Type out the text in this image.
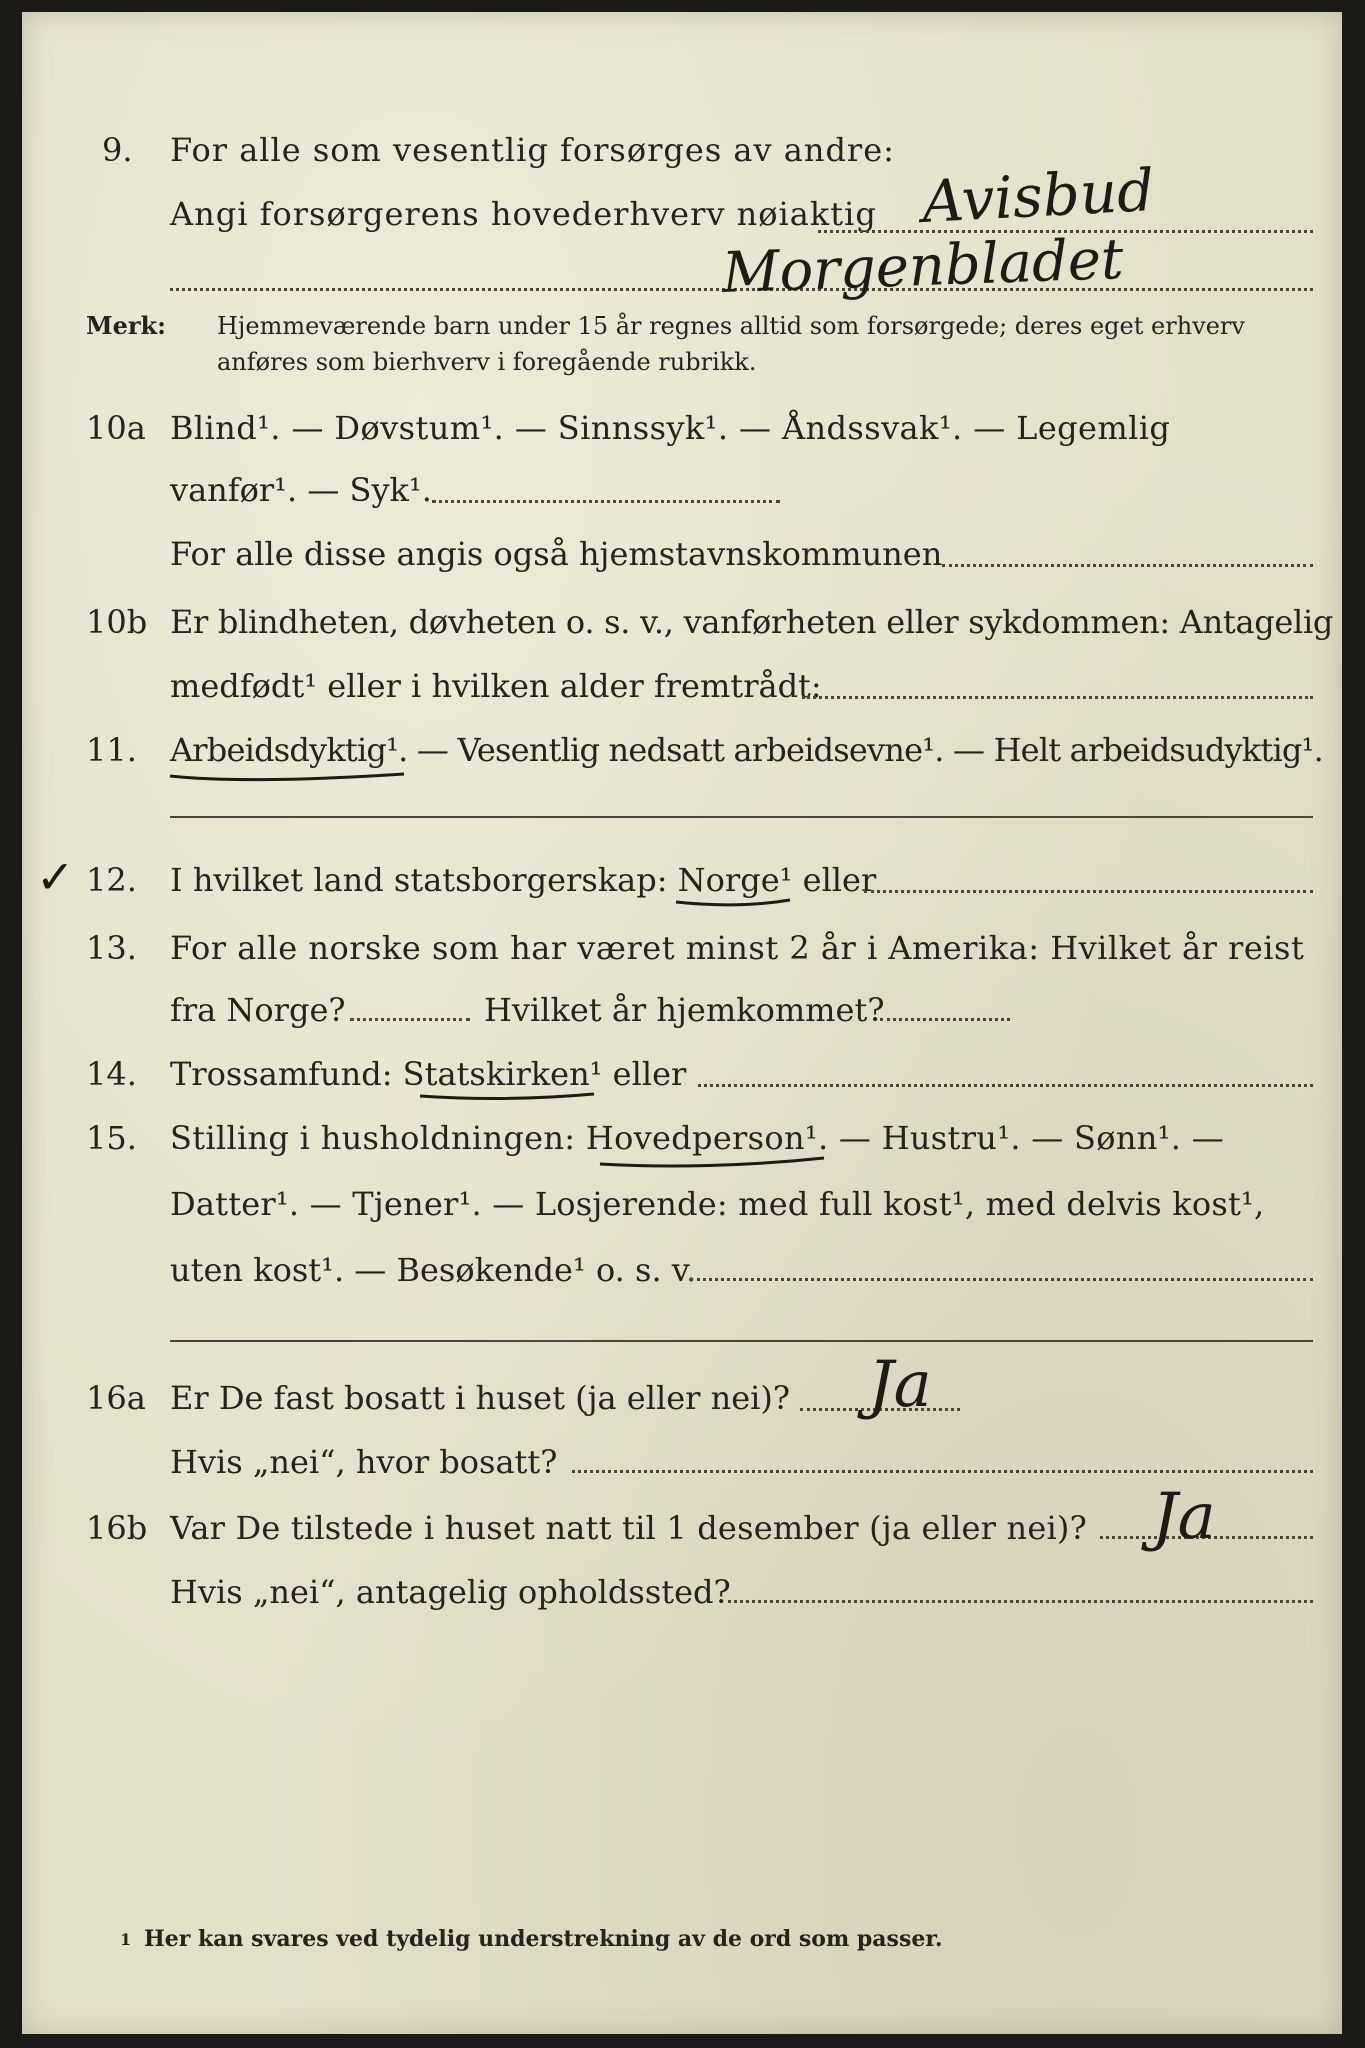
9. For alle som vesentlig forsørges av andre:
Angi forsørgerens hovederhverv nøiaktig Avisbud
Morgenbladet
Merk: Hjemmeværende barn under 15 år regnes alltid som forsørgede; deres eget erhverv
anføres som bierhverv i foregående rubrikk.
10a Blind¹. — Døvstum¹. — Sinnssyk¹. — Åndssvak¹. — Legemlig
vanfør¹. — Syk¹.
For alle disse angis også hjemstavnskommunen
10b Er blindheten, døvheten o. s. v., vanførheten eller sykdommen: Antagelig
medfødt¹ eller i hvilken alder fremtrådt:
11. Arbeidsdyktig¹. — Vesentlig nedsatt arbeidsevne¹. — Helt arbeidsudyktig¹.
✓ 12. I hvilket land statsborgerskap: Norge¹ eller
13. For alle norske som har været minst 2 år i Amerika: Hvilket år reist
fra Norge?	Hvilket år hjemkommet?
14. Trossamfund: Statskirken¹ eller
15. Stilling i husholdningen: Hovedperson¹. — Hustru¹. — Sønn¹. —
Datter¹. — Tjener¹. — Losjerende: med full kost¹, med delvis kost¹,
uten kost¹. — Besøkende¹ o. s. v.
16a Er De fast bosatt i huset (ja eller nei)? Ja
Hvis „nei“, hvor bosatt?
16b Var De tilstede i huset natt til 1 desember (ja eller nei)? Ja
Hvis „nei“, antagelig opholdssted?
1 Her kan svares ved tydelig understrekning av de ord som passer.
